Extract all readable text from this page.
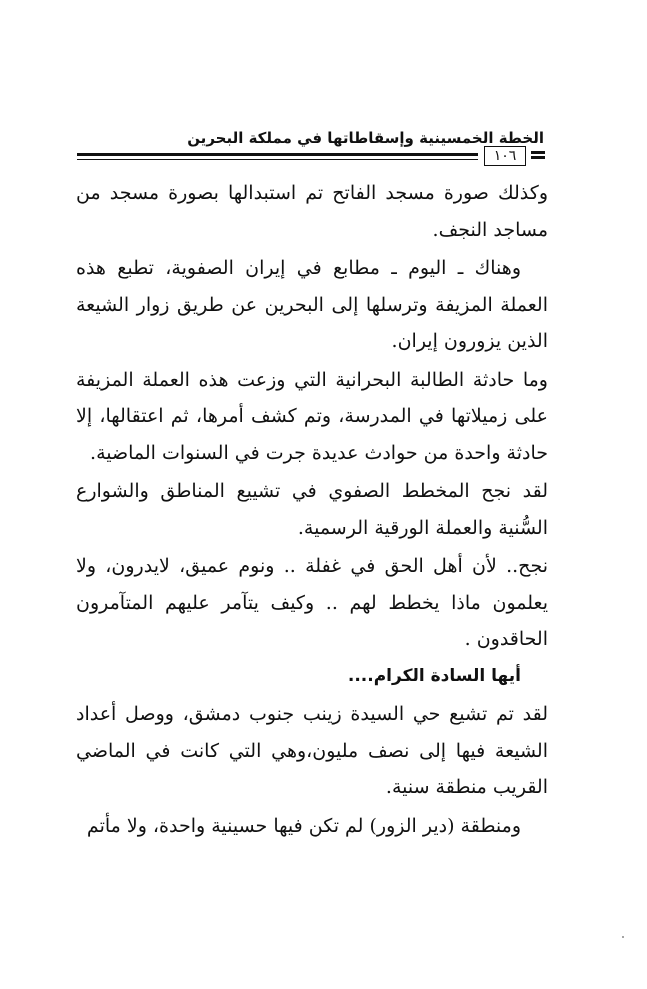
الخطة الخمسينية وإسقاطاتها في مملكة البحرين
١٠٦

وكذلك صورة مسجد الفاتح تم استبدالها بصورة مسجد من مساجد النجف.

وهناك ـ اليوم ـ مطابع في إيران الصفوية، تطبع هذه العملة المزيفة وترسلها إلى البحرين عن طريق زوار الشيعة الذين يزورون إيران.

وما حادثة الطالبة البحرانية التي وزعت هذه العملة المزيفة على زميلاتها في المدرسة، وتم كشف أمرها، ثم اعتقالها، إلا حادثة واحدة من حوادث عديدة جرت في السنوات الماضية.

لقد نجح المخطط الصفوي في تشييع المناطق والشوارع السُّنية والعملة الورقية الرسمية.

نجح.. لأن أهل الحق في غفلة .. ونوم عميق، لايدرون، ولا يعلمون ماذا يخطط لهم .. وكيف يتآمر عليهم المتآمرون الحاقدون .

أيها السادة الكرام....

لقد تم تشيع حي السيدة زينب جنوب دمشق، ووصل أعداد الشيعة فيها إلى نصف مليون،وهي التي كانت في الماضي القريب منطقة سنية.

ومنطقة (دير الزور) لم تكن فيها حسينية واحدة، ولا مأتم
